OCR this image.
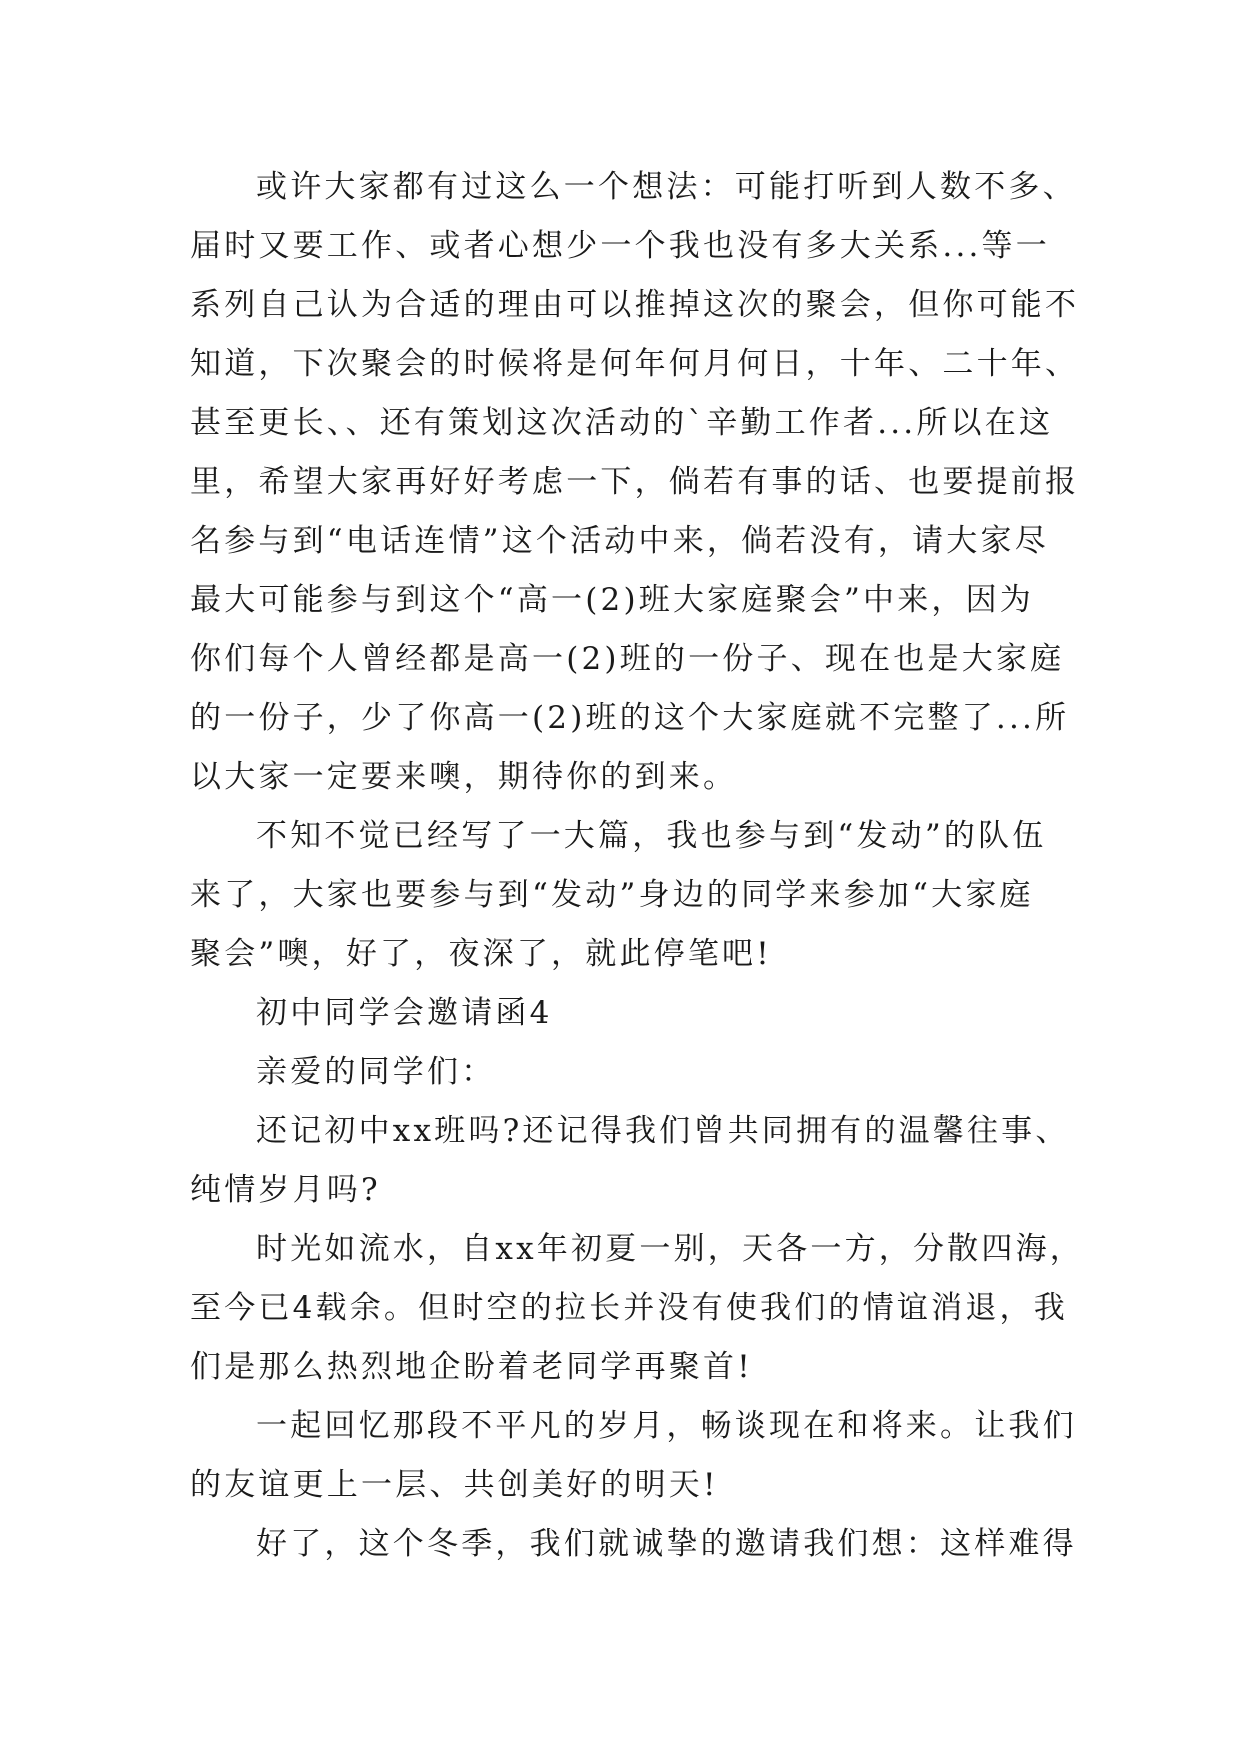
或许大家都有过这么一个想法：可能打听到人数不多、
届时又要工作、或者心想少一个我也没有多大关系...等一
系列自己认为合适的理由可以推掉这次的聚会，但你可能不
知道，下次聚会的时候将是何年何月何日，十年、二十年、
甚至更长、、还有策划这次活动的`辛勤工作者...所以在这
里，希望大家再好好考虑一下，倘若有事的话、也要提前报
名参与到“电话连情”这个活动中来，倘若没有，请大家尽
最大可能参与到这个“高一(2)班大家庭聚会”中来，因为
你们每个人曾经都是高一(2)班的一份子、现在也是大家庭
的一份子，少了你高一(2)班的这个大家庭就不完整了...所
以大家一定要来噢，期待你的到来。
不知不觉已经写了一大篇，我也参与到“发动”的队伍
来了，大家也要参与到“发动”身边的同学来参加“大家庭
聚会”噢，好了，夜深了，就此停笔吧!
初中同学会邀请函4
亲爱的同学们：
还记初中xx班吗?还记得我们曾共同拥有的温馨往事、
纯情岁月吗?
时光如流水，自xx年初夏一别，天各一方，分散四海，
至今已4载余。但时空的拉长并没有使我们的情谊消退，我
们是那么热烈地企盼着老同学再聚首!
一起回忆那段不平凡的岁月，畅谈现在和将来。让我们
的友谊更上一层、共创美好的明天!
好了，这个冬季，我们就诚挚的邀请我们想：这样难得
